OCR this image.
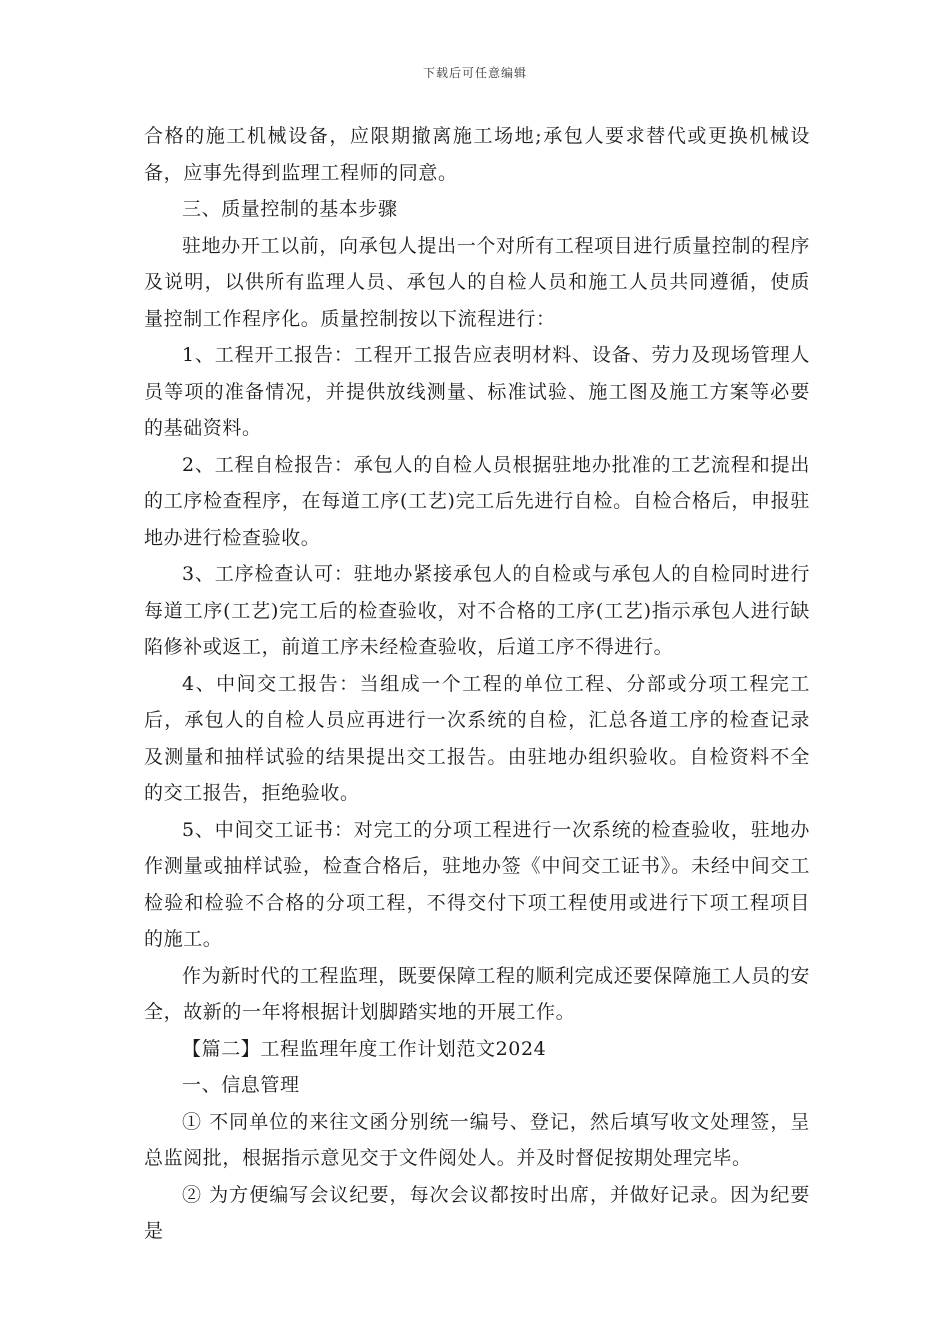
下载后可任意编辑

合格的施工机械设备，应限期撤离施工场地;承包人要求替代或更换机械设备，应事先得到监理工程师的同意。

三、质量控制的基本步骤

驻地办开工以前，向承包人提出一个对所有工程项目进行质量控制的程序及说明，以供所有监理人员、承包人的自检人员和施工人员共同遵循，使质量控制工作程序化。质量控制按以下流程进行：

1、工程开工报告：工程开工报告应表明材料、设备、劳力及现场管理人员等项的准备情况，并提供放线测量、标准试验、施工图及施工方案等必要的基础资料。

2、工程自检报告：承包人的自检人员根据驻地办批准的工艺流程和提出的工序检查程序，在每道工序(工艺)完工后先进行自检。自检合格后，申报驻地办进行检查验收。

3、工序检查认可：驻地办紧接承包人的自检或与承包人的自检同时进行每道工序(工艺)完工后的检查验收，对不合格的工序(工艺)指示承包人进行缺陷修补或返工，前道工序未经检查验收，后道工序不得进行。

4、中间交工报告：当组成一个工程的单位工程、分部或分项工程完工后，承包人的自检人员应再进行一次系统的自检，汇总各道工序的检查记录及测量和抽样试验的结果提出交工报告。由驻地办组织验收。自检资料不全的交工报告，拒绝验收。

5、中间交工证书：对完工的分项工程进行一次系统的检查验收，驻地办作测量或抽样试验，检查合格后，驻地办签《中间交工证书》。未经中间交工检验和检验不合格的分项工程，不得交付下项工程使用或进行下项工程项目的施工。

作为新时代的工程监理，既要保障工程的顺利完成还要保障施工人员的安全，故新的一年将根据计划脚踏实地的开展工作。

【篇二】工程监理年度工作计划范文2024

一、信息管理

① 不同单位的来往文函分别统一编号、登记，然后填写收文处理签，呈总监阅批，根据指示意见交于文件阅处人。并及时督促按期处理完毕。

② 为方便编写会议纪要，每次会议都按时出席，并做好记录。因为纪要是
